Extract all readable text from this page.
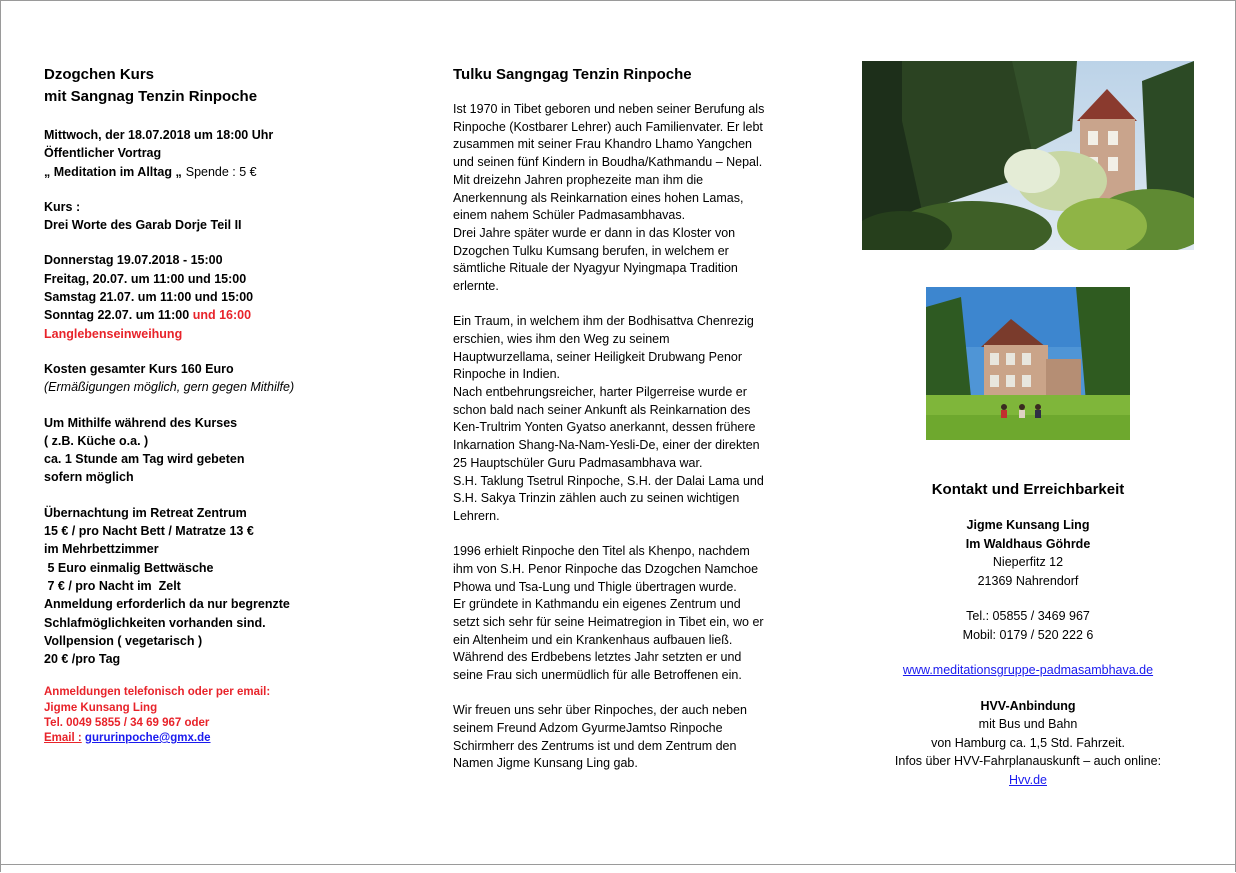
Dzogchen Kurs
mit Sangnag Tenzin Rinpoche
Mittwoch, der 18.07.2018 um 18:00 Uhr
Öffentlicher Vortrag
„ Meditation im Alltag „ Spende : 5 €
Kurs :
Drei Worte des Garab Dorje Teil II
Donnerstag 19.07.2018 - 15:00
Freitag, 20.07. um 11:00 und 15:00
Samstag 21.07. um 11:00 und 15:00
Sonntag 22.07. um 11:00 und 16:00
Langlebenseinweihung
Kosten gesamter Kurs 160 Euro
(Ermäßigungen möglich, gern gegen Mithilfe)
Um Mithilfe während des Kurses
( z.B. Küche o.a. )
ca. 1 Stunde am Tag wird gebeten
sofern möglich
Übernachtung im Retreat Zentrum
15 € / pro Nacht Bett / Matratze 13 €
im Mehrbettzimmer
5 Euro einmalig Bettwäsche
7 € / pro Nacht im  Zelt
Anmeldung erforderlich da nur begrenzte
Schlafmöglichkeiten vorhanden sind.
Vollpension ( vegetarisch )
20 € /pro Tag
Anmeldungen telefonisch oder per email:
Jigme Kunsang Ling
Tel. 0049 5855 / 34 69 967 oder
Email : gururinpoche@gmx.de
Tulku Sangngag Tenzin Rinpoche
Ist 1970 in Tibet geboren und neben seiner Berufung als
Rinpoche (Kostbarer Lehrer) auch Familienvater. Er lebt
zusammen mit seiner Frau Khandro Lhamo Yangchen
und seinen fünf Kindern in Boudha/Kathmandu – Nepal.
Mit dreizehn Jahren prophezeite man ihm die
Anerkennung als Reinkarnation eines hohen Lamas,
einem nahem Schüler Padmasambhavas.
Drei Jahre später wurde er dann in das Kloster von
Dzogchen Tulku Kumsang berufen, in welchem er
sämtliche Rituale der Nyagyur Nyingmapa Tradition
erlernte.
Ein Traum, in welchem ihm der Bodhisattva Chenrezig
erschien, wies ihm den Weg zu seinem
Hauptwurzellama, seiner Heiligkeit Drubwang Penor
Rinpoche in Indien.
Nach entbehrungsreicher, harter Pilgerreise wurde er
schon bald nach seiner Ankunft als Reinkarnation des
Ken-Trultrim Yonten Gyatso anerkannt, dessen frühere
Inkarnation Shang-Na-Nam-Yesli-De, einer der direkten
25 Hauptschüler Guru Padmasambhava war.
S.H. Taklung Tsetrul Rinpoche, S.H. der Dalai Lama und
S.H. Sakya Trinzin zählen auch zu seinen wichtigen
Lehrern.
1996 erhielt Rinpoche den Titel als Khenpo, nachdem
ihm von S.H. Penor Rinpoche das Dzogchen Namchoe
Phowa und Tsa-Lung und Thigle übertragen wurde.
Er gründete in Kathmandu ein eigenes Zentrum und
setzt sich sehr für seine Heimatregion in Tibet ein, wo er
ein Altenheim und ein Krankenhaus aufbauen ließ.
Während des Erdbebens letztes Jahr setzten er und
seine Frau sich unermüdlich für alle Betroffenen ein.
Wir freuen uns sehr über Rinpoches, der auch neben
seinem Freund Adzom GyurmeJamtso Rinpoche
Schirmherr des Zentrums ist und dem Zentrum den
Namen Jigme Kunsang Ling gab.
Kontakt und Erreichbarkeit
Jigme Kunsang Ling
Im Waldhaus Göhrde
Nieperfitz 12
21369 Nahrendorf
Tel.: 05855 / 3469 967
Mobil: 0179 / 520 222 6
www.meditationsgruppe-padmasambhava.de
HVV-Anbindung
mit Bus und Bahn
von Hamburg ca. 1,5 Std. Fahrzeit.
Infos über HVV-Fahrplanauskunft – auch online:
Hvv.de
